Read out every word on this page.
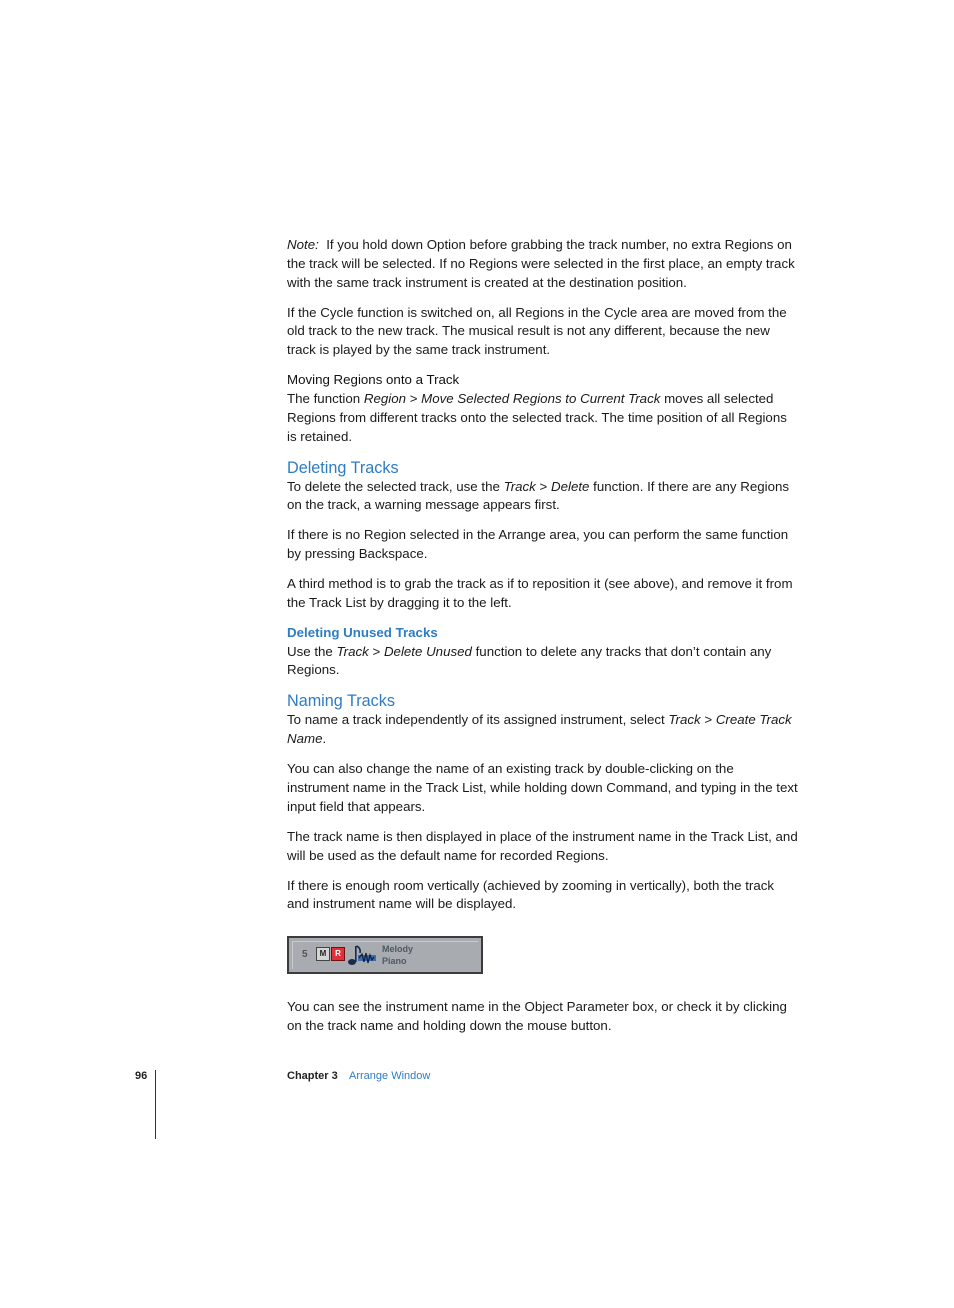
Note: If you hold down Option before grabbing the track number, no extra Regions on the track will be selected. If no Regions were selected in the first place, an empty track with the same track instrument is created at the destination position.

If the Cycle function is switched on, all Regions in the Cycle area are moved from the old track to the new track. The musical result is not any different, because the new track is played by the same track instrument.

Moving Regions onto a Track

The function Region > Move Selected Regions to Current Track moves all selected Regions from different tracks onto the selected track. The time position of all Regions is retained.

Deleting Tracks

To delete the selected track, use the Track > Delete function. If there are any Regions on the track, a warning message appears first.

If there is no Region selected in the Arrange area, you can perform the same function by pressing Backspace.

A third method is to grab the track as if to reposition it (see above), and remove it from the Track List by dragging it to the left.

Deleting Unused Tracks

Use the Track > Delete Unused function to delete any tracks that don’t contain any Regions.

Naming Tracks

To name a track independently of its assigned instrument, select Track > Create Track Name.

You can also change the name of an existing track by double-clicking on the instrument name in the Track List, while holding down Command, and typing in the text input field that appears.

The track name is then displayed in place of the instrument name in the Track List, and will be used as the default name for recorded Regions.

If there is enough room vertically (achieved by zooming in vertically), both the track and instrument name will be displayed.

5	M	R	Melody
Piano

You can see the instrument name in the Object Parameter box, or check it by clicking on the track name and holding down the mouse button.

96	Chapter 3 Arrange Window
